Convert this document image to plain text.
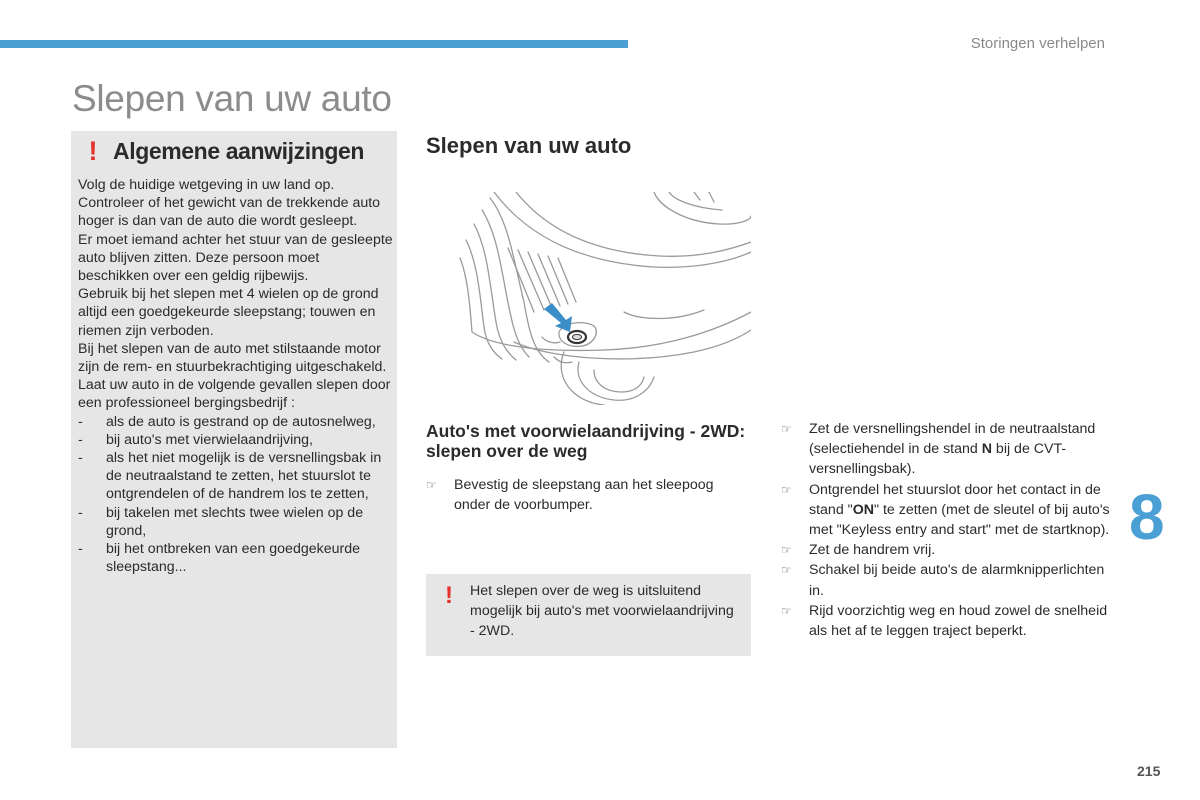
Storingen verhelpen
Slepen van uw auto
! Algemene aanwijzingen

Volg de huidige wetgeving in uw land op.

Controleer of het gewicht van de trekkende auto hoger is dan van de auto die wordt gesleept.

Er moet iemand achter het stuur van de gesleepte auto blijven zitten. Deze persoon moet beschikken over een geldig rijbewijs.

Gebruik bij het slepen met 4 wielen op de grond altijd een goedgekeurde sleepstang; touwen en riemen zijn verboden.

Bij het slepen van de auto met stilstaande motor zijn de rem- en stuurbekrachtiging uitgeschakeld.

Laat uw auto in de volgende gevallen slepen door een professioneel bergingsbedrijf :

- als de auto is gestrand op de autosnelweg,
- bij auto's met vierwielaandrijving,
- als het niet mogelijk is de versnellingsbak in de neutraalstand te zetten, het stuurslot te ontgrendelen of de handrem los te zetten,
- bij takelen met slechts twee wielen op de grond,
- bij het ontbreken van een goedgekeurde sleepstang...
Slepen van uw auto
Auto's met voorwielaandrijving - 2WD: slepen over de weg
☞ Bevestig de sleepstang aan het sleepoog onder de voorbumper.
! Het slepen over de weg is uitsluitend mogelijk bij auto's met voorwielaandrijving - 2WD.
☞ Zet de versnellingshendel in de neutraalstand (selectiehendel in de stand N bij de CVT-versnellingsbak).
☞ Ontgrendel het stuurslot door het contact in de stand "ON" te zetten (met de sleutel of bij auto's met "Keyless entry and start" met de startknop).
☞ Zet de handrem vrij.
☞ Schakel bij beide auto's de alarmknipperlichten in.
☞ Rijd voorzichtig weg en houd zowel de snelheid als het af te leggen traject beperkt.
8
215
